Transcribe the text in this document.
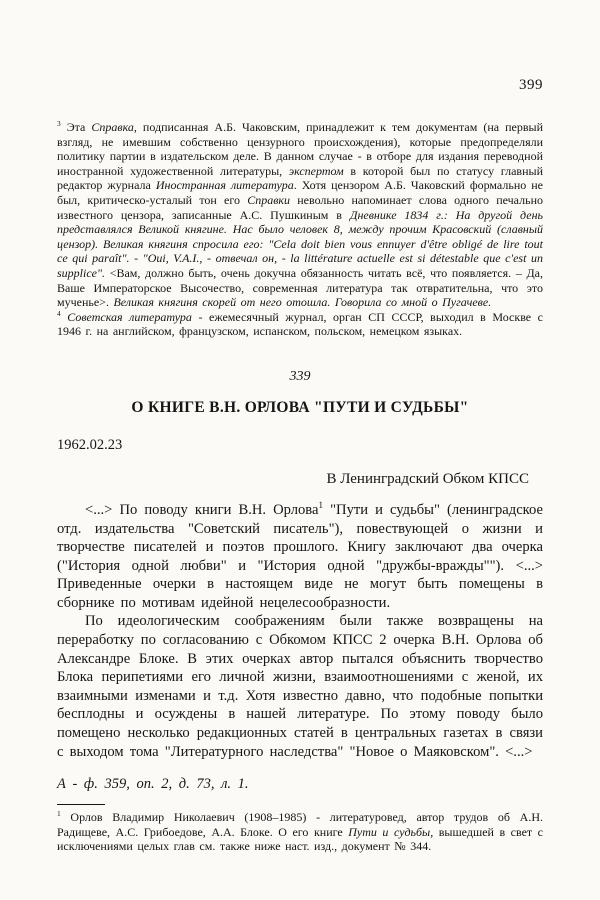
399

$^3$ Эта Справка, подписанная А.Б. Чаковским, принадлежит к тем документам (на первый взгляд, не имевшим собственно цензурного происхождения), которые предопределяли политику партии в издательском деле. В данном случае - в отборе для издания переводной иностранной художественной литературы, экспертом в которой был по статусу главный редактор журнала Иностранная литература. Хотя цензором А.Б. Чаковский формально не был, критическо-усталый тон его Справки невольно напоминает слова одного печально известного цензора, записанные А.С. Пушкиным в Дневнике 1834 г.: На другой день представлялся Великой княгине. Нас было человек 8, между прочим Красовский (славный цензор). Великая княгиня спросила его: "Cela doit bien vous ennuyer d'être obligé de lire tout ce qui paraît". - "Oui, V.A.I., - отвечал он, - la littérature actuelle est si détestable que c'est un supplice". <Вам, должно быть, очень докучна обязанность читать всё, что появляется. – Да, Ваше Императорское Высочество, современная литература так отвратительна, что это мученье>. Великая княгиня скорей от него отошла. Говорила со мной о Пугачеве.

$^4$ Советская литература - ежемесячный журнал, орган СП СССР, выходил в Москве с 1946 г. на английском, французском, испанском, польском, немецком языках.

339
О КНИГЕ В.Н. ОРЛОВА "ПУТИ И СУДЬБЫ"
1962.02.23
В Ленинградский Обком КПСС

<...> По поводу книги В.Н. Орлова$^1$ "Пути и судьбы" (ленинградское отд. издательства "Советский писатель"), повествующей о жизни и творчестве писателей и поэтов прошлого. Книгу заключают два очерка ("История одной любви" и "История одной "дружбы-вражды""). <...> Приведенные очерки в настоящем виде не могут быть помещены в сборнике по мотивам идейной нецелесообразности.

По идеологическим соображениям были также возвращены на переработку по согласованию с Обкомом КПСС 2 очерка В.Н. Орлова об Александре Блоке. В этих очерках автор пытался объяснить творчество Блока перипетиями его личной жизни, взаимоотношениями с женой, их взаимными изменами и т.д. Хотя известно давно, что подобные попытки бесплодны и осуждены в нашей литературе. По этому поводу было помещено несколько редакционных статей в центральных газетах в связи с выходом тома "Литературного наследства" "Новое о Маяковском". <...>

А - ф. 359, оп. 2, д. 73, л. 1.

$^1$ Орлов Владимир Николаевич (1908–1985) - литературовед, автор трудов об А.Н. Радищеве, А.С. Грибоедове, А.А. Блоке. О его книге Пути и судьбы, вышедшей в свет с исключениями целых глав см. также ниже наст. изд., документ № 344.
